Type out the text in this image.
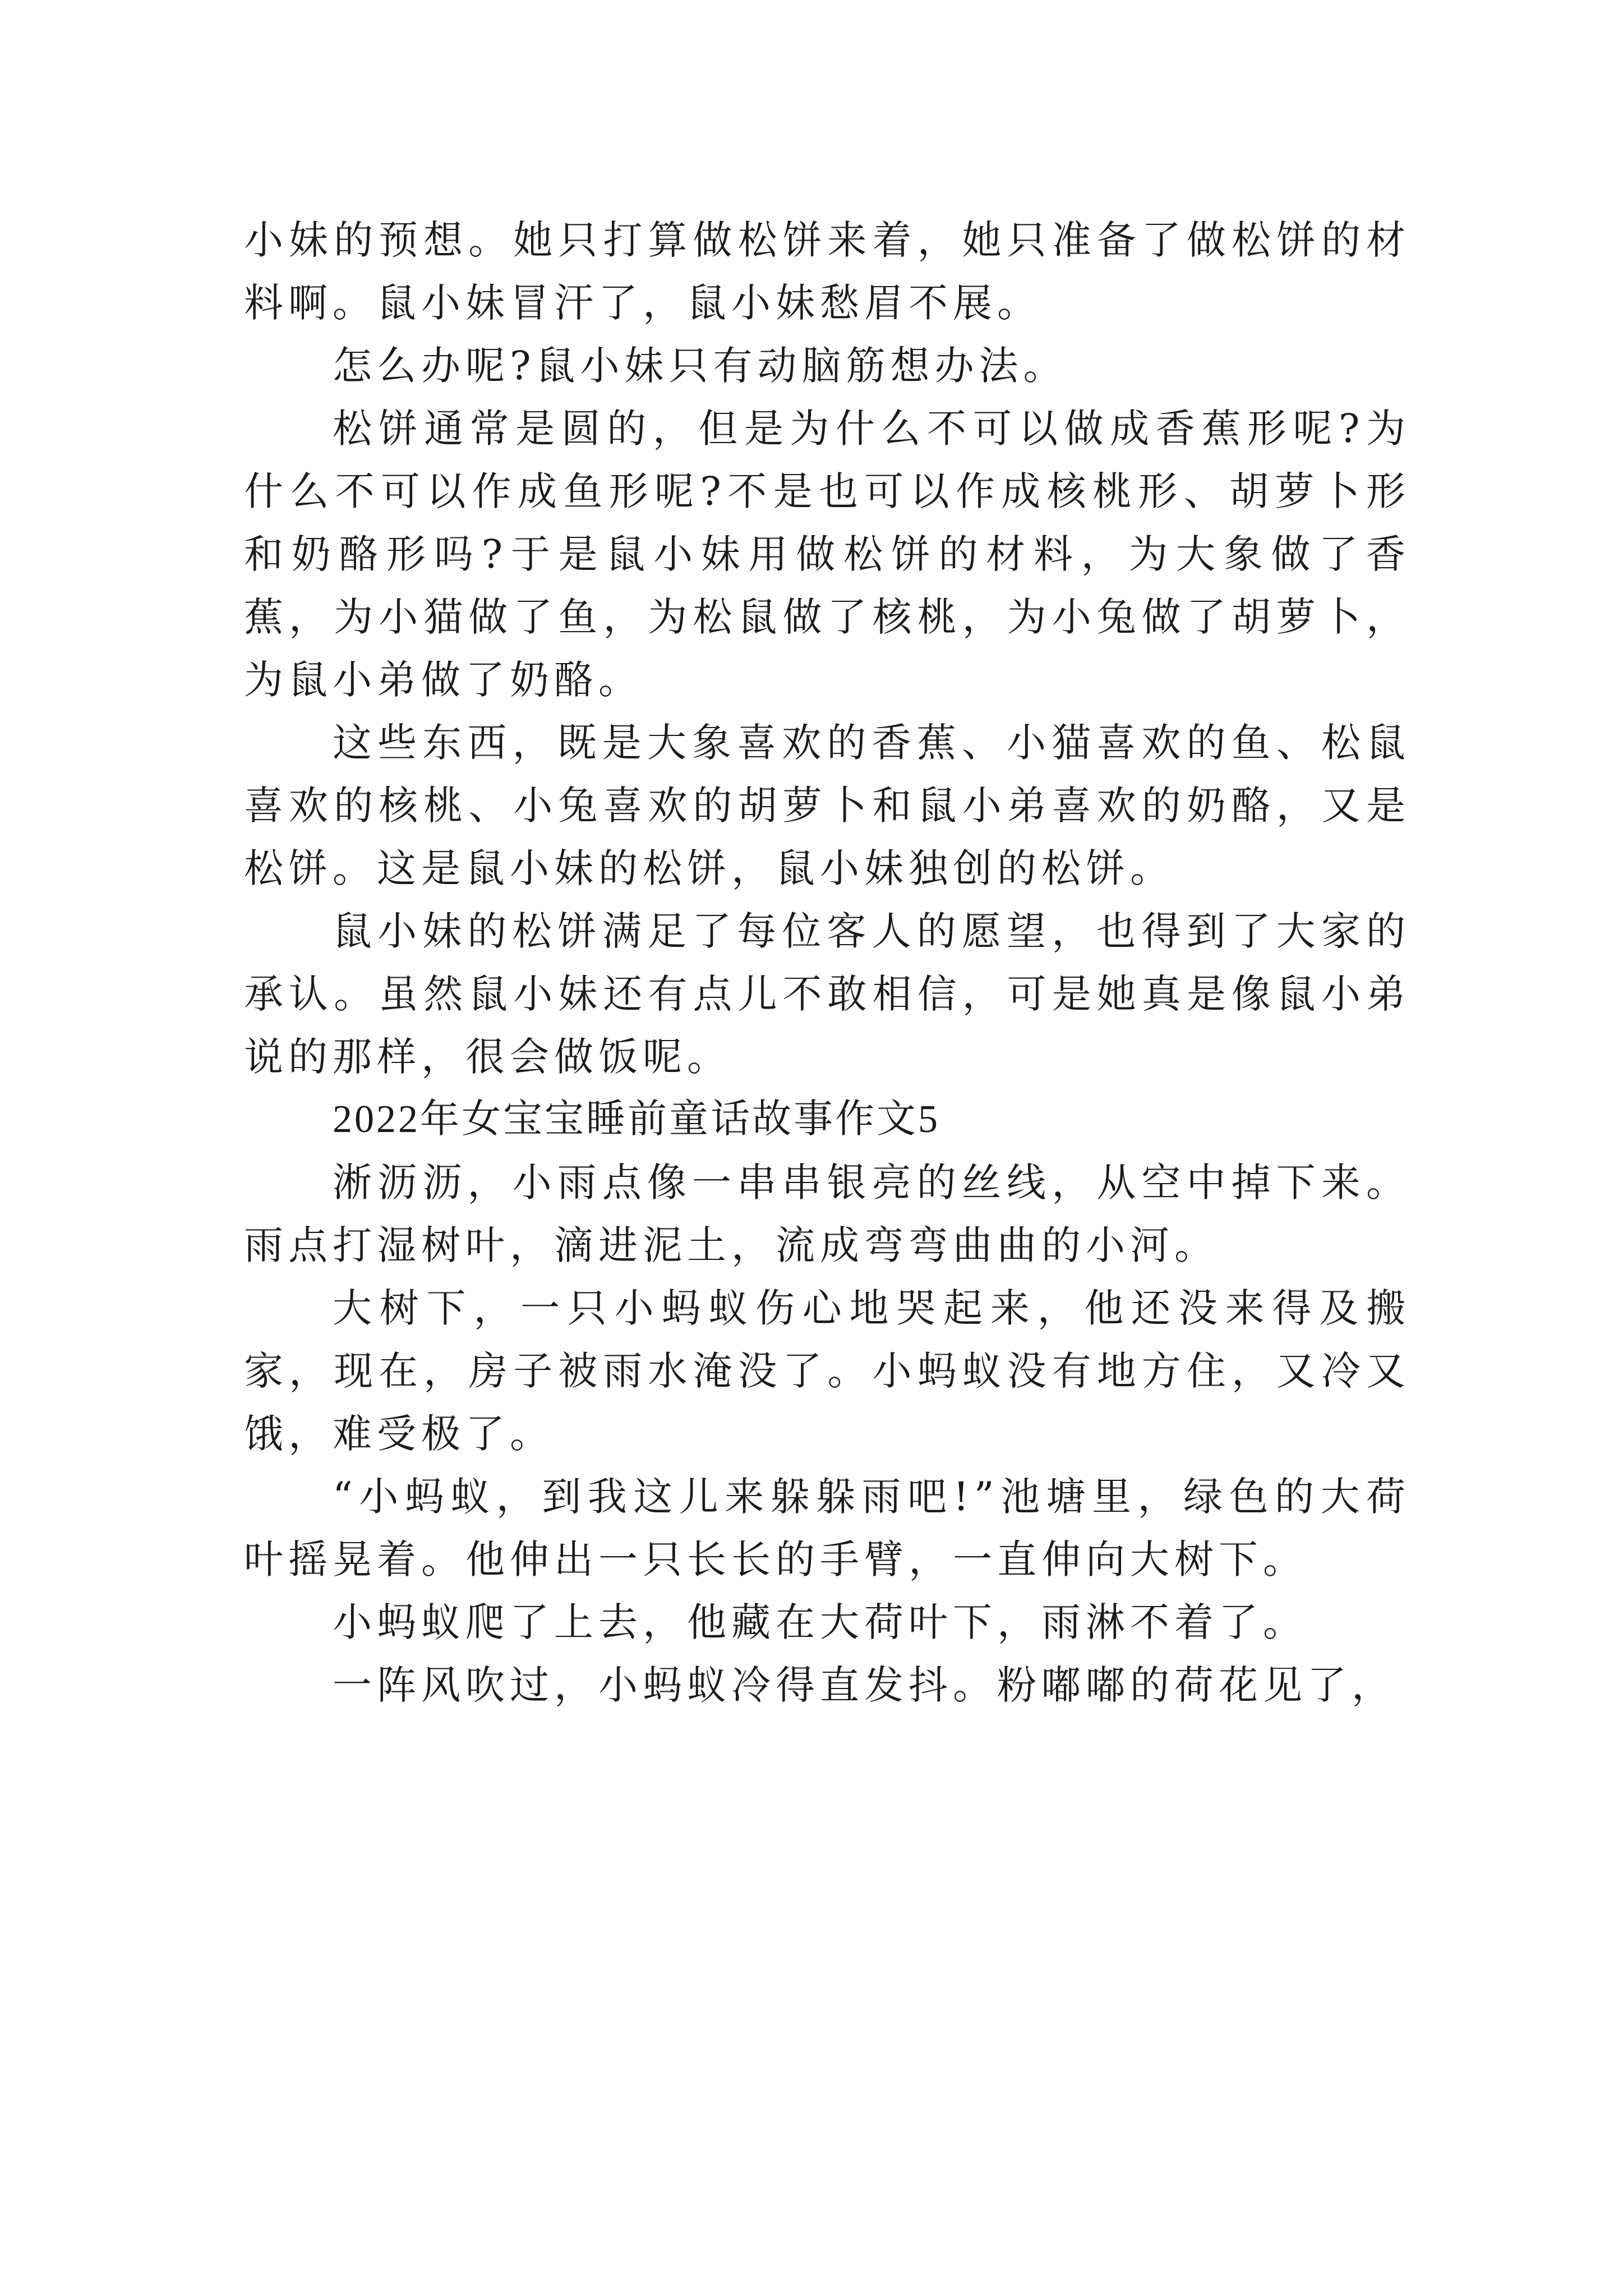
小妹的预想。她只打算做松饼来着，她只准备了做松饼的材料啊。鼠小妹冒汗了，鼠小妹愁眉不展。

怎么办呢?鼠小妹只有动脑筋想办法。

松饼通常是圆的，但是为什么不可以做成香蕉形呢?为什么不可以作成鱼形呢?不是也可以作成核桃形、胡萝卜形和奶酪形吗?于是鼠小妹用做松饼的材料，为大象做了香蕉，为小猫做了鱼，为松鼠做了核桃，为小兔做了胡萝卜，为鼠小弟做了奶酪。

这些东西，既是大象喜欢的香蕉、小猫喜欢的鱼、松鼠喜欢的核桃、小兔喜欢的胡萝卜和鼠小弟喜欢的奶酪，又是松饼。这是鼠小妹的松饼，鼠小妹独创的松饼。

鼠小妹的松饼满足了每位客人的愿望，也得到了大家的承认。虽然鼠小妹还有点儿不敢相信，可是她真是像鼠小弟说的那样，很会做饭呢。

2022年女宝宝睡前童话故事作文5

淅沥沥，小雨点像一串串银亮的丝线，从空中掉下来。雨点打湿树叶，滴进泥土，流成弯弯曲曲的小河。

大树下，一只小蚂蚁伤心地哭起来，他还没来得及搬家，现在，房子被雨水淹没了。小蚂蚁没有地方住，又冷又饿，难受极了。

“小蚂蚁，到我这儿来躲躲雨吧!”池塘里，绿色的大荷叶摇晃着。他伸出一只长长的手臂，一直伸向大树下。

小蚂蚁爬了上去，他藏在大荷叶下，雨淋不着了。

一阵风吹过，小蚂蚁冷得直发抖。粉嘟嘟的荷花见了，
